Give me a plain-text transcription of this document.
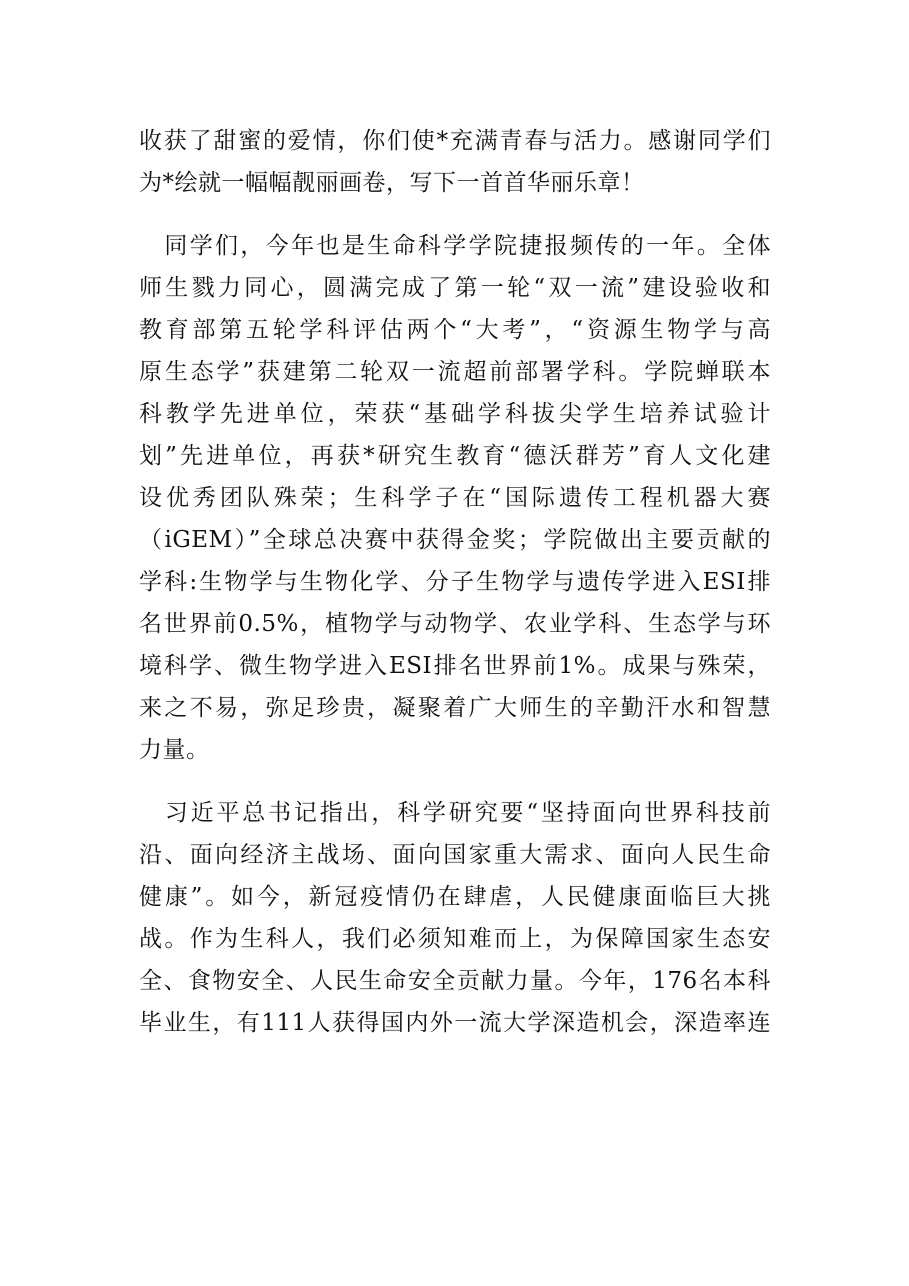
收获了甜蜜的爱情，你们使*充满青春与活力。感谢同学们
为*绘就一幅幅靓丽画卷，写下一首首华丽乐章！

　同学们，今年也是生命科学学院捷报频传的一年。全体
师生戮力同心，圆满完成了第一轮“双一流”建设验收和
教育部第五轮学科评估两个“大考”，“资源生物学与高
原生态学”获建第二轮双一流超前部署学科。学院蝉联本
科教学先进单位，荣获“基础学科拔尖学生培养试验计
划”先进单位，再获*研究生教育“德沃群芳”育人文化建
设优秀团队殊荣；生科学子在“国际遗传工程机器大赛
（iGEM）”全球总决赛中获得金奖；学院做出主要贡献的
学科:生物学与生物化学、分子生物学与遗传学进入ESI排
名世界前0.5%，植物学与动物学、农业学科、生态学与环
境科学、微生物学进入ESI排名世界前1%。成果与殊荣，
来之不易，弥足珍贵，凝聚着广大师生的辛勤汗水和智慧
力量。

　习近平总书记指出，科学研究要“坚持面向世界科技前
沿、面向经济主战场、面向国家重大需求、面向人民生命
健康”。如今，新冠疫情仍在肆虐，人民健康面临巨大挑
战。作为生科人，我们必须知难而上，为保障国家生态安
全、食物安全、人民生命安全贡献力量。今年，176名本科
毕业生，有111人获得国内外一流大学深造机会，深造率连
